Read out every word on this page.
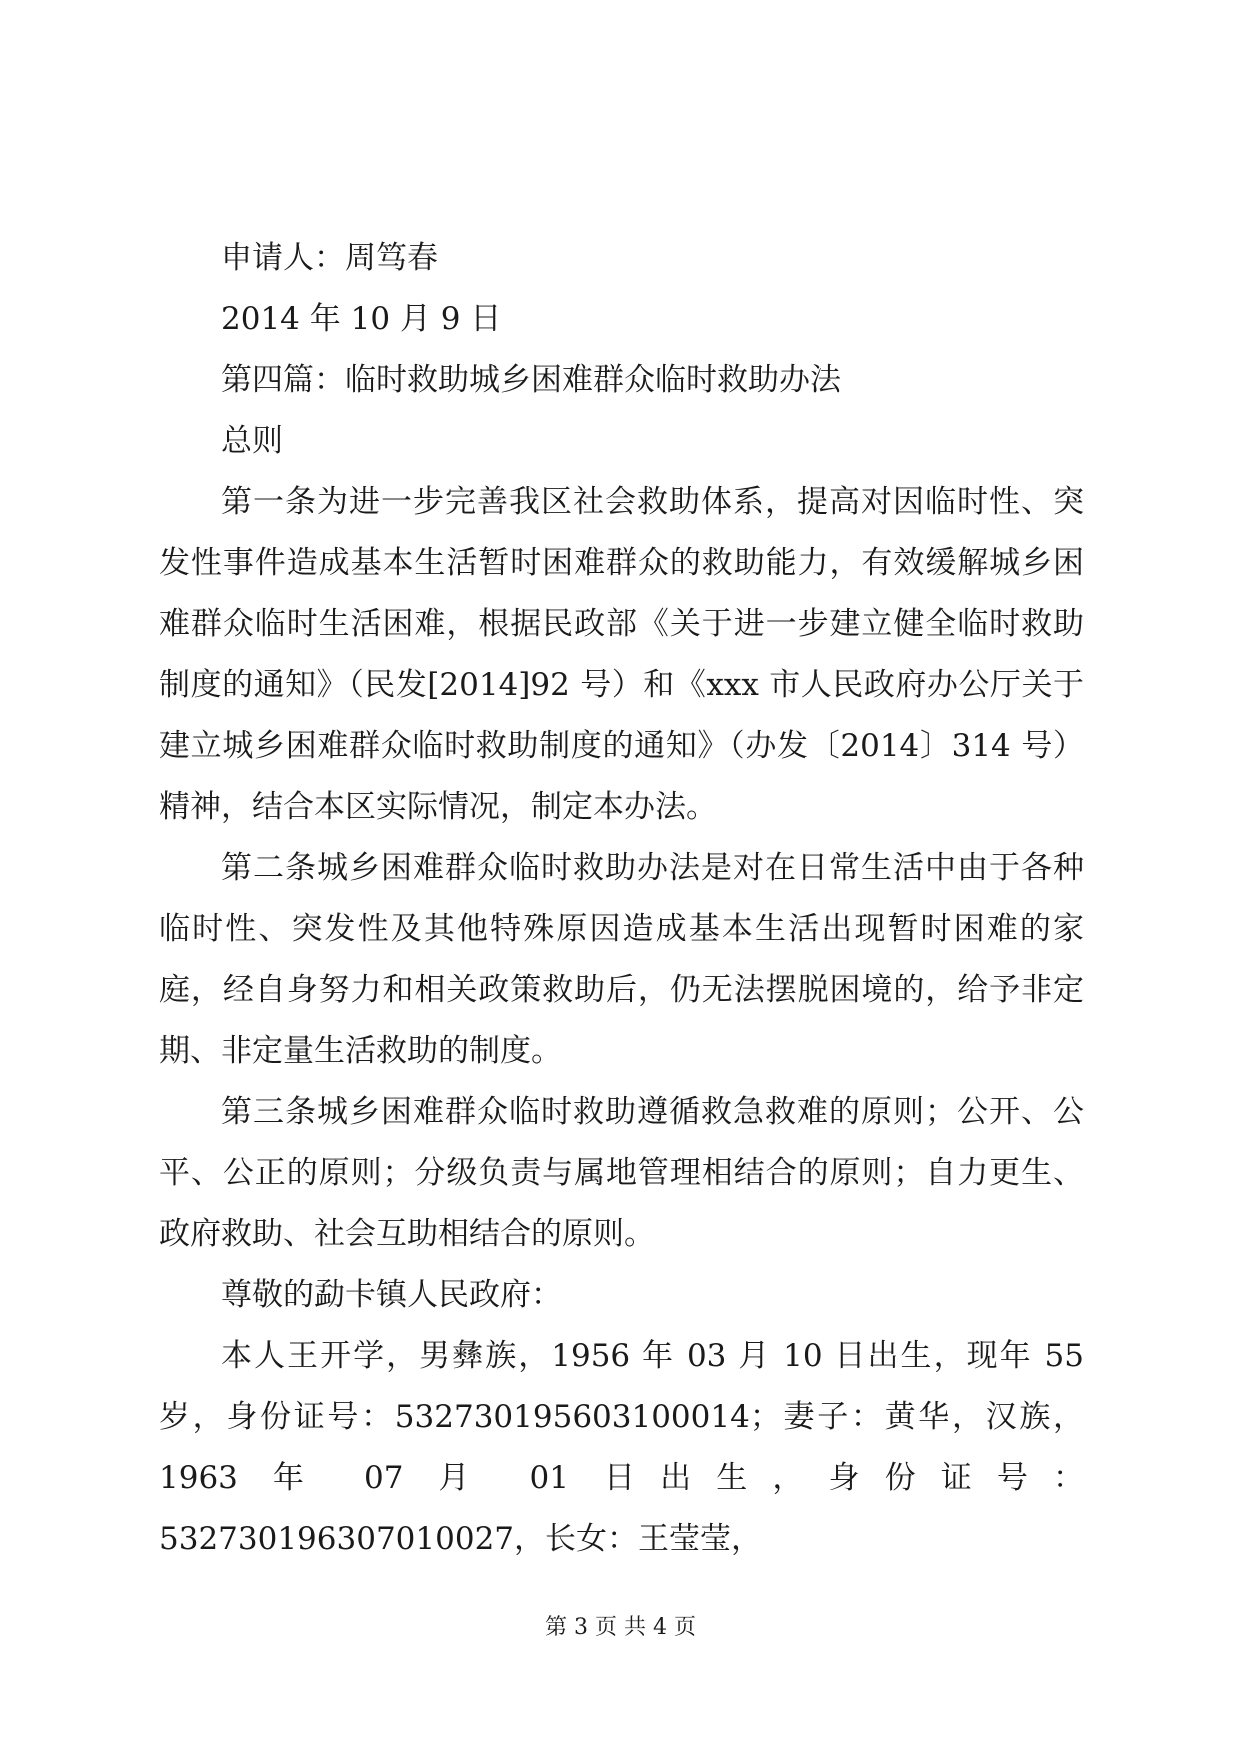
申请人：周笃春

2014 年 10 月 9 日

第四篇：临时救助城乡困难群众临时救助办法

总则

第一条为进一步完善我区社会救助体系，提高对因临时性、突发性事件造成基本生活暂时困难群众的救助能力，有效缓解城乡困难群众临时生活困难，根据民政部《关于进一步建立健全临时救助制度的通知》（民发[2014]92 号）和《xxx 市人民政府办公厅关于建立城乡困难群众临时救助制度的通知》（办发〔2014〕314 号）精神，结合本区实际情况，制定本办法。

第二条城乡困难群众临时救助办法是对在日常生活中由于各种临时性、突发性及其他特殊原因造成基本生活出现暂时困难的家庭，经自身努力和相关政策救助后，仍无法摆脱困境的，给予非定期、非定量生活救助的制度。

第三条城乡困难群众临时救助遵循救急救难的原则；公开、公平、公正的原则；分级负责与属地管理相结合的原则；自力更生、政府救助、社会互助相结合的原则。

尊敬的勐卡镇人民政府：

本人王开学，男彝族，1956 年 03 月 10 日出生，现年 55 岁，身份证号：532730195603100014；妻子：黄华，汉族，1963 年 07 月 01 日出生，身份证号：532730196307010027，长女：王莹莹，

第 3 页 共 4 页
